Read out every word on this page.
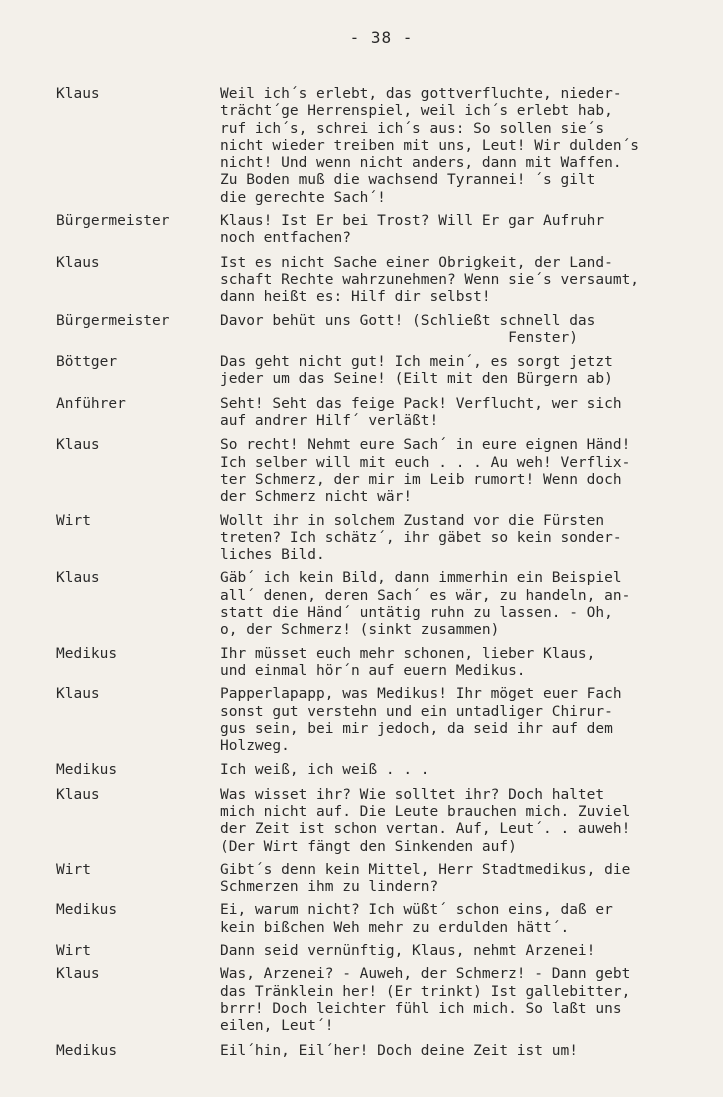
- 38 -
Klaus	Weil ich´s erlebt, das gottverfluchte, nieder-
trächt´ge Herrenspiel, weil ich´s erlebt hab,
ruf ich´s, schrei ich´s aus: So sollen sie´s
nicht wieder treiben mit uns, Leut! Wir dulden´s
nicht! Und wenn nicht anders, dann mit Waffen.
Zu Boden muß die wachsend Tyrannei! ´s gilt
die gerechte Sach´!
Bürgermeister	Klaus! Ist Er bei Trost? Will Er gar Aufruhr
noch entfachen?
Klaus	Ist es nicht Sache einer Obrigkeit, der Land-
schaft Rechte wahrzunehmen? Wenn sie´s versaumt,
dann heißt es: Hilf dir selbst!
Bürgermeister	Davor behüt uns Gott! (Schließt schnell das
Fenster)
Böttger	Das geht nicht gut! Ich mein´, es sorgt jetzt
jeder um das Seine! (Eilt mit den Bürgern ab)
Anführer	Seht! Seht das feige Pack! Verflucht, wer sich
auf andrer Hilf´ verläßt!
Klaus	So recht! Nehmt eure Sach´ in eure eignen Händ!
Ich selber will mit euch . . . Au weh! Verflix-
ter Schmerz, der mir im Leib rumort! Wenn doch
der Schmerz nicht wär!
Wirt	Wollt ihr in solchem Zustand vor die Fürsten
treten? Ich schätz´, ihr gäbet so kein sonder-
liches Bild.
Klaus	Gäb´ ich kein Bild, dann immerhin ein Beispiel
all´ denen, deren Sach´ es wär, zu handeln, an-
statt die Händ´ untätig ruhn zu lassen. - Oh,
o, der Schmerz! (sinkt zusammen)
Medikus	Ihr müsset euch mehr schonen, lieber Klaus,
und einmal hör´n auf euern Medikus.
Klaus	Papperlapapp, was Medikus! Ihr möget euer Fach
sonst gut verstehn und ein untadliger Chirur-
gus sein, bei mir jedoch, da seid ihr auf dem
Holzweg.
Medikus	Ich weiß, ich weiß . . .
Klaus	Was wisset ihr? Wie solltet ihr? Doch haltet
mich nicht auf. Die Leute brauchen mich. Zuviel
der Zeit ist schon vertan. Auf, Leut´. . auweh!
(Der Wirt fängt den Sinkenden auf)
Wirt	Gibt´s denn kein Mittel, Herr Stadtmedikus, die
Schmerzen ihm zu lindern?
Medikus	Ei, warum nicht? Ich wüßt´ schon eins, daß er
kein bißchen Weh mehr zu erdulden hätt´.
Wirt	Dann seid vernünftig, Klaus, nehmt Arzenei!
Klaus	Was, Arzenei? - Auweh, der Schmerz! - Dann gebt
das Tränklein her! (Er trinkt) Ist gallebitter,
brrr! Doch leichter fühl ich mich. So laßt uns
eilen, Leut´!
Medikus	Eil´hin, Eil´her! Doch deine Zeit ist um!
